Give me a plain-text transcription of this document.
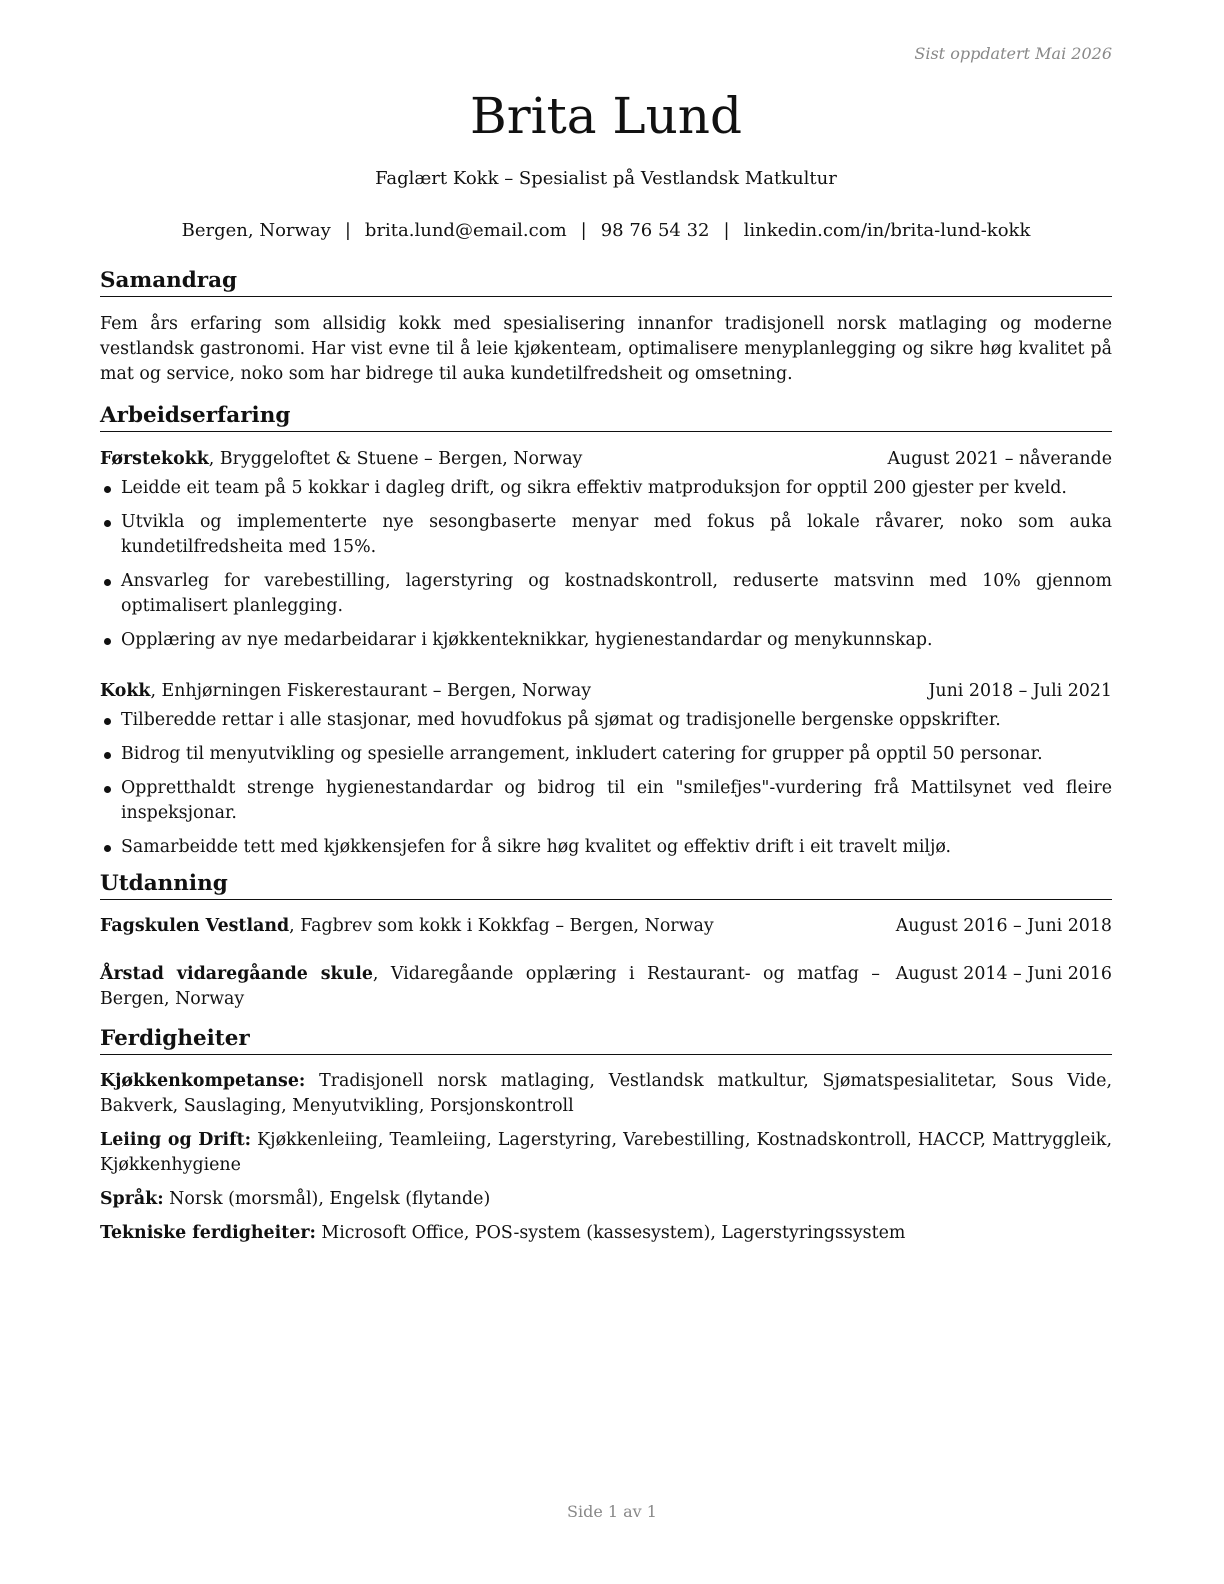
Sist oppdatert Mai 2026
Brita Lund
Faglært Kokk – Spesialist på Vestlandsk Matkultur
Bergen, Norway | brita.lund@email.com | 98 76 54 32 | linkedin.com/in/brita-lund-kokk
Samandrag

Fem års erfaring som allsidig kokk med spesialisering innanfor tradisjonell norsk matlaging og moderne vestlandsk gastronomi. Har vist evne til å leie kjøkenteam, optimalisere menyplanlegging og sikre høg kvalitet på mat og service, noko som har bidrege til auka kundetilfredsheit og omsetning.

Arbeidserfaring
Førstekokk, Bryggeloftet & Stuene – Bergen, Norway	August 2021 – nåverande
Leidde eit team på 5 kokkar i dagleg drift, og sikra effektiv matproduksjon for opptil 200 gjester per kveld.
Utvikla og implementerte nye sesongbaserte menyar med fokus på lokale råvarer, noko som auka kundetilfredsheita med 15%.
Ansvarleg for varebestilling, lagerstyring og kostnadskontroll, reduserte matsvinn med 10% gjennom optimalisert planlegging.
Opplæring av nye medarbeidarar i kjøkkenteknikkar, hygienestandardar og menykunnskap.
Kokk, Enhjørningen Fiskerestaurant – Bergen, Norway	Juni 2018 – Juli 2021
Tilberedde rettar i alle stasjonar, med hovudfokus på sjømat og tradisjonelle bergenske oppskrifter.
Bidrog til menyutvikling og spesielle arrangement, inkludert catering for grupper på opptil 50 personar.
Oppretthaldt strenge hygienestandardar og bidrog til ein "smilefjes"-vurdering frå Mattilsynet ved fleire inspeksjonar.
Samarbeidde tett med kjøkkensjefen for å sikre høg kvalitet og effektiv drift i eit travelt miljø.
Utdanning
Fagskulen Vestland, Fagbrev som kokk i Kokkfag – Bergen, Norway	August 2016 – Juni 2018
Årstad vidaregåande skule, Vidaregåande opplæring i Restaurant- og matfag – Bergen, Norway
August 2014 – Juni 2016
Ferdigheiter
Kjøkkenkompetanse: Tradisjonell norsk matlaging, Vestlandsk matkultur, Sjømatspesialitetar, Sous Vide, Bakverk, Sauslaging, Menyutvikling, Porsjonskontroll
Leiing og Drift: Kjøkkenleiing, Teamleiing, Lagerstyring, Varebestilling, Kostnadskontroll, HACCP, Mattryggleik, Kjøkkenhygiene
Språk: Norsk (morsmål), Engelsk (flytande)
Tekniske ferdigheiter: Microsoft Office, POS-system (kassesystem), Lagerstyringssystem
Side 1 av 1
